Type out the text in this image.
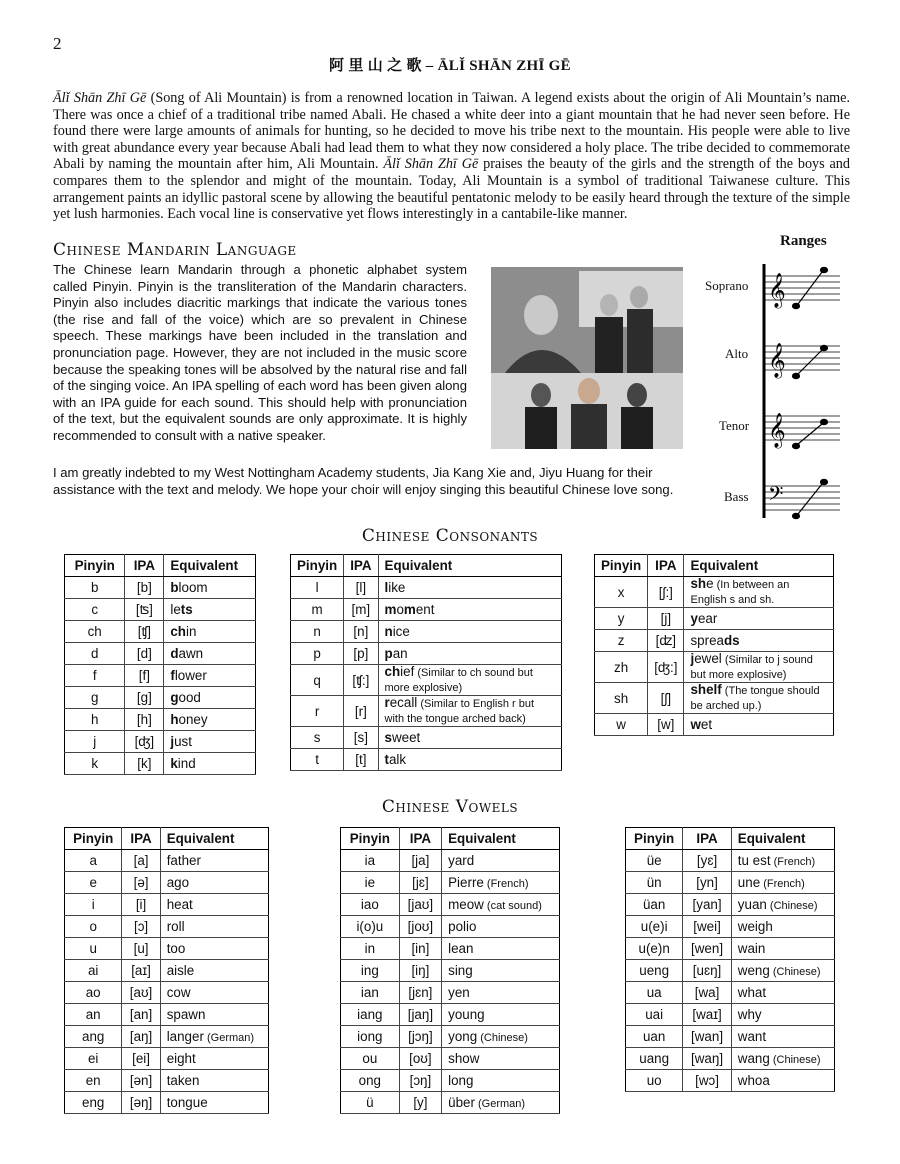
2
阿 里 山 之 歌 – ĀLǏ SHĀN ZHĪ GĒ
Ālǐ Shān Zhī Gē (Song of Ali Mountain) is from a renowned location in Taiwan. A legend exists about the origin of Ali Mountain’s name. There was once a chief of a traditional tribe named Abali. He chased a white deer into a giant mountain that he had never seen before. He found there were large amounts of animals for hunting, so he decided to move his tribe next to the mountain. His people were able to live with great abundance every year because Abali had lead them to what they now considered a holy place. The tribe decided to commemorate Abali by naming the mountain after him, Ali Mountain. Ālǐ Shān Zhī Gē praises the beauty of the girls and the strength of the boys and compares them to the splendor and might of the mountain. Today, Ali Mountain is a symbol of traditional Taiwanese culture. This arrangement paints an idyllic pastoral scene by allowing the beautiful pentatonic melody to be easily heard through the texture of the simple yet lush harmonies. Each vocal line is conservative yet flows interestingly in a cantabile-like manner.
Chinese Mandarin Language
The Chinese learn Mandarin through a phonetic alphabet system called Pinyin. Pinyin is the transliteration of the Mandarin characters. Pinyin also includes diacritic markings that indicate the various tones (the rise and fall of the voice) which are so prevalent in Chinese speech. These markings have been included in the translation and pronunciation page. However, they are not included in the music score because the speaking tones will be absolved by the natural rise and fall of the singing voice. An IPA spelling of each word has been given along with an IPA guide for each sound. This should help with pronunciation of the text, but the equivalent sounds are only approximate. It is highly recommended to consult with a native speaker.
Ranges
Soprano
Alto
Tenor
Bass
𝄞
𝄞
𝄞
𝄢
I am greatly indebted to my West Nottingham Academy students, Jia Kang Xie and, Jiyu Huang for their assistance with the text and melody. We hope your choir will enjoy singing this beautiful Chinese love song.
Chinese Consonants
Pinyin	IPA	Equivalent
b	[b]	bloom
c	[ʦ]	lets
ch	[ʧ]	chin
d	[d]	dawn
f	[f]	flower
g	[g]	good
h	[h]	honey
j	[ʤ]	just
k	[k]	kind
Pinyin	IPA	Equivalent
l	[l]	like
m	[m]	moment
n	[n]	nice
p	[p]	pan
q	[ʧ:]	chief (Similar to ch sound but more explosive)
r	[r]	recall (Similar to English r but with the tongue arched back)
s	[s]	sweet
t	[t]	talk
Pinyin	IPA	Equivalent
x	[ʃ:]	she (In between an English s and sh.
y	[j]	year
z	[ʣ]	spreads
zh	[ʤ:]	jewel (Similar to j sound but more explosive)
sh	[ʃ]	shelf (The tongue should be arched up.)
w	[w]	wet
Chinese Vowels
Pinyin	IPA	Equivalent
a	[a]	father
e	[ə]	ago
i	[i]	heat
o	[ɔ]	roll
u	[u]	too
ai	[aɪ]	aisle
ao	[aʊ]	cow
an	[an]	spawn
ang	[aŋ]	langer (German)
ei	[ei]	eight
en	[ən]	taken
eng	[əŋ]	tongue
Pinyin	IPA	Equivalent
ia	[ja]	yard
ie	[jɛ]	Pierre (French)
iao	[jaʊ]	meow (cat sound)
i(o)u	[joʊ]	polio
in	[in]	lean
ing	[iŋ]	sing
ian	[jɛn]	yen
iang	[jaŋ]	young
iong	[jɔŋ]	yong (Chinese)
ou	[oʊ]	show
ong	[ɔŋ]	long
ü	[y]	über (German)
Pinyin	IPA	Equivalent
üe	[yɛ]	tu est (French)
ün	[yn]	une (French)
üan	[yan]	yuan (Chinese)
u(e)i	[wei]	weigh
u(e)n	[wen]	wain
ueng	[uɛŋ]	weng (Chinese)
ua	[wa]	what
uai	[waɪ]	why
uan	[wan]	want
uang	[waŋ]	wang (Chinese)
uo	[wɔ]	whoa
